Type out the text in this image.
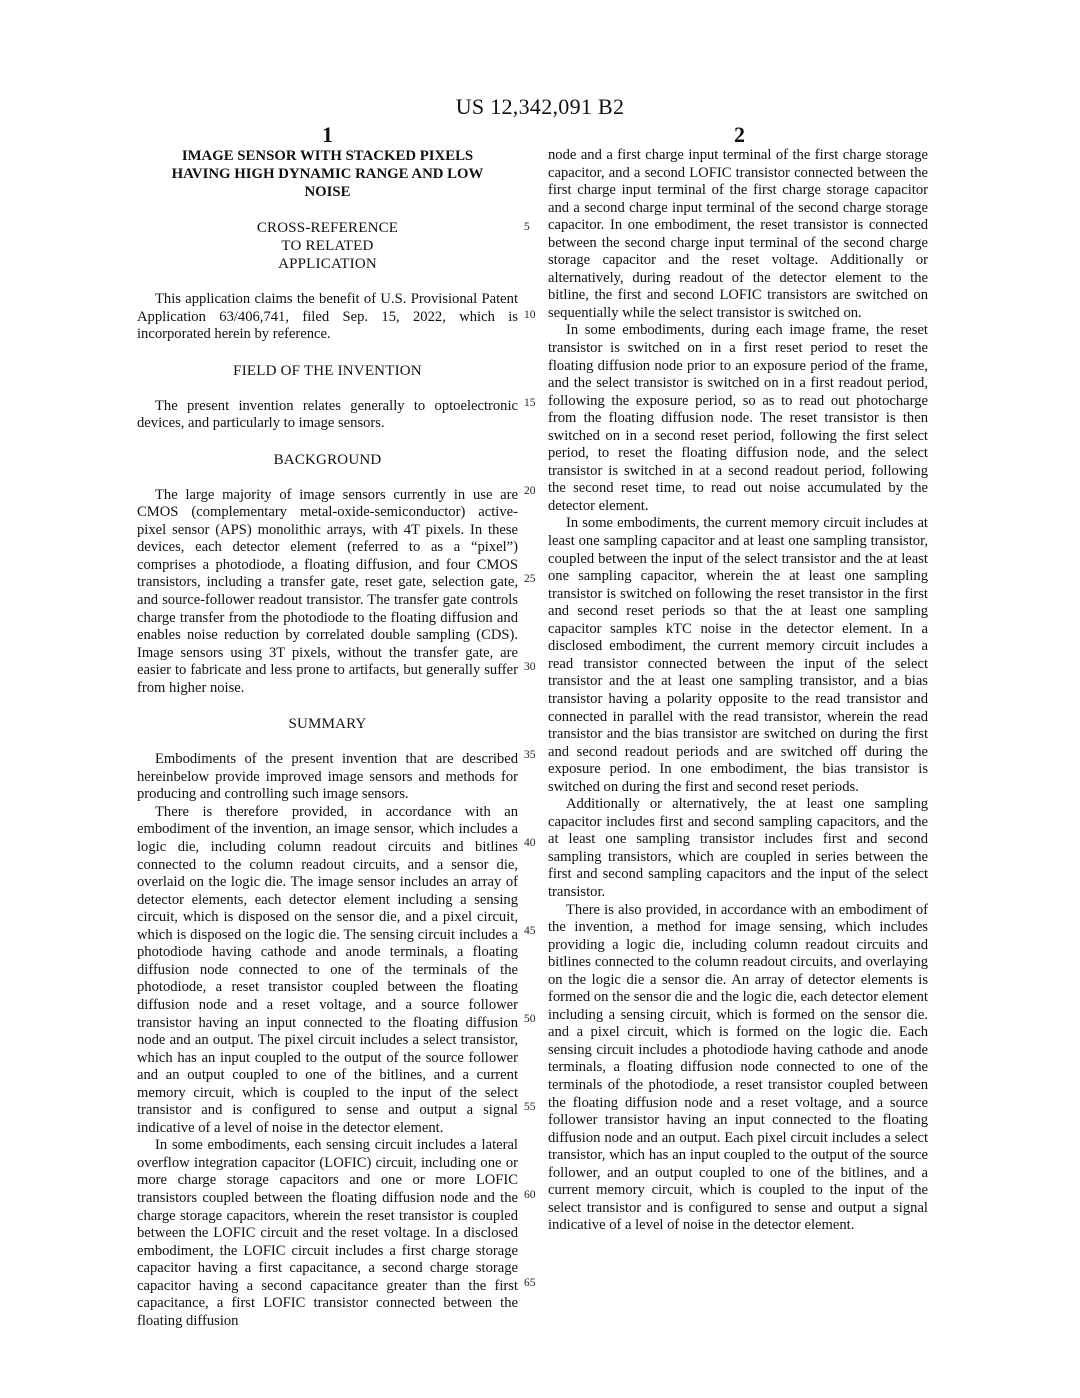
US 12,342,091 B2
1	2
IMAGE SENSOR WITH STACKED PIXELS HAVING HIGH DYNAMIC RANGE AND LOW NOISE
CROSS-REFERENCE TO RELATED APPLICATION

This application claims the benefit of U.S. Provisional Patent Application 63/406,741, filed Sep. 15, 2022, which is incorporated herein by reference.

FIELD OF THE INVENTION

The present invention relates generally to optoelectronic devices, and particularly to image sensors.

BACKGROUND

The large majority of image sensors currently in use are CMOS (complementary metal-oxide-semiconductor) active-pixel sensor (APS) monolithic arrays, with 4T pixels. In these devices, each detector element (referred to as a “pixel”) comprises a photodiode, a floating diffusion, and four CMOS transistors, including a transfer gate, reset gate, selection gate, and source-follower readout transistor. The transfer gate controls charge transfer from the photodiode to the floating diffusion and enables noise reduction by correlated double sampling (CDS). Image sensors using 3T pixels, without the transfer gate, are easier to fabricate and less prone to artifacts, but generally suffer from higher noise.

SUMMARY

Embodiments of the present invention that are described hereinbelow provide improved image sensors and methods for producing and controlling such image sensors.

There is therefore provided, in accordance with an embodiment of the invention, an image sensor, which includes a logic die, including column readout circuits and bitlines connected to the column readout circuits, and a sensor die, overlaid on the logic die. The image sensor includes an array of detector elements, each detector element including a sensing circuit, which is disposed on the sensor die, and a pixel circuit, which is disposed on the logic die. The sensing circuit includes a photodiode having cathode and anode terminals, a floating diffusion node connected to one of the terminals of the photodiode, a reset transistor coupled between the floating diffusion node and a reset voltage, and a source follower transistor having an input connected to the floating diffusion node and an output. The pixel circuit includes a select transistor, which has an input coupled to the output of the source follower and an output coupled to one of the bitlines, and a current memory circuit, which is coupled to the input of the select transistor and is configured to sense and output a signal indicative of a level of noise in the detector element.

In some embodiments, each sensing circuit includes a lateral overflow integration capacitor (LOFIC) circuit, including one or more charge storage capacitors and one or more LOFIC transistors coupled between the floating diffusion node and the charge storage capacitors, wherein the reset transistor is coupled between the LOFIC circuit and the reset voltage. In a disclosed embodiment, the LOFIC circuit includes a first charge storage capacitor having a first capacitance, a second charge storage capacitor having a second capacitance greater than the first capacitance, a first LOFIC transistor connected between the floating diffusion

5
10
15
20
25
30
35
40
45
50
55
60
65

node and a first charge input terminal of the first charge storage capacitor, and a second LOFIC transistor connected between the first charge input terminal of the first charge storage capacitor and a second charge input terminal of the second charge storage capacitor. In one embodiment, the reset transistor is connected between the second charge input terminal of the second charge storage capacitor and the reset voltage. Additionally or alternatively, during readout of the detector element to the bitline, the first and second LOFIC transistors are switched on sequentially while the select transistor is switched on.

In some embodiments, during each image frame, the reset transistor is switched on in a first reset period to reset the floating diffusion node prior to an exposure period of the frame, and the select transistor is switched on in a first readout period, following the exposure period, so as to read out photocharge from the floating diffusion node. The reset transistor is then switched on in a second reset period, following the first select period, to reset the floating diffusion node, and the select transistor is switched in at a second readout period, following the second reset time, to read out noise accumulated by the detector element.

In some embodiments, the current memory circuit includes at least one sampling capacitor and at least one sampling transistor, coupled between the input of the select transistor and the at least one sampling capacitor, wherein the at least one sampling transistor is switched on following the reset transistor in the first and second reset periods so that the at least one sampling capacitor samples kTC noise in the detector element. In a disclosed embodiment, the current memory circuit includes a read transistor connected between the input of the select transistor and the at least one sampling transistor, and a bias transistor having a polarity opposite to the read transistor and connected in parallel with the read transistor, wherein the read transistor and the bias transistor are switched on during the first and second readout periods and are switched off during the exposure period. In one embodiment, the bias transistor is switched on during the first and second reset periods.

Additionally or alternatively, the at least one sampling capacitor includes first and second sampling capacitors, and the at least one sampling transistor includes first and second sampling transistors, which are coupled in series between the first and second sampling capacitors and the input of the select transistor.

There is also provided, in accordance with an embodiment of the invention, a method for image sensing, which includes providing a logic die, including column readout circuits and bitlines connected to the column readout circuits, and overlaying on the logic die a sensor die. An array of detector elements is formed on the sensor die and the logic die, each detector element including a sensing circuit, which is formed on the sensor die. and a pixel circuit, which is formed on the logic die. Each sensing circuit includes a photodiode having cathode and anode terminals, a floating diffusion node connected to one of the terminals of the photodiode, a reset transistor coupled between the floating diffusion node and a reset voltage, and a source follower transistor having an input connected to the floating diffusion node and an output. Each pixel circuit includes a select transistor, which has an input coupled to the output of the source follower, and an output coupled to one of the bitlines, and a current memory circuit, which is coupled to the input of the select transistor and is configured to sense and output a signal indicative of a level of noise in the detector element.
